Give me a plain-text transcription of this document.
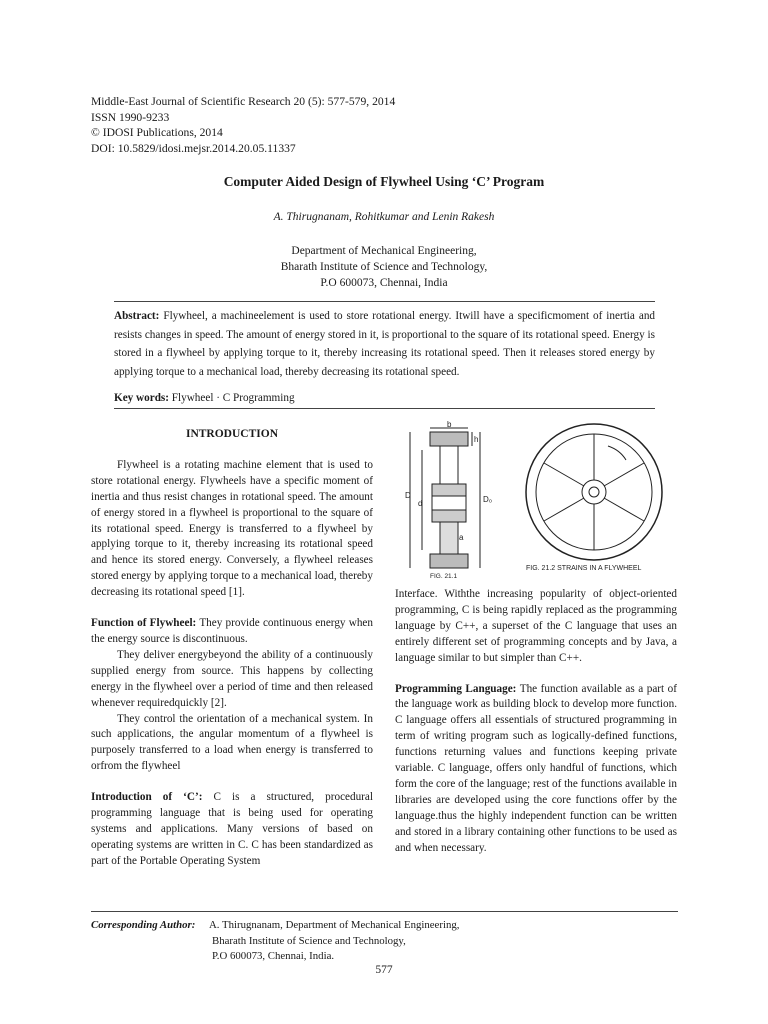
Middle-East Journal of Scientific Research 20 (5): 577-579, 2014
ISSN 1990-9233
© IDOSI Publications, 2014
DOI: 10.5829/idosi.mejsr.2014.20.05.11337
Computer Aided Design of Flywheel Using ‘C’ Program
A. Thirugnanam, Rohitkumar and Lenin Rakesh
Department of Mechanical Engineering,
Bharath Institute of Science and Technology,
P.O 600073, Chennai, India
Abstract: Flywheel, a machineelement is used to store rotational energy. Itwill have a specificmoment of inertia and resists changes in speed. The amount of energy stored in it, is proportional to the square of its rotational speed. Energy is stored in a flywheel by applying torque to it, thereby increasing its rotational speed. Then it releases stored energy by applying torque to a mechanical load, thereby decreasing its rotational speed.
Key words: Flywheel · C Programming
INTRODUCTION

Flywheel is a rotating machine element that is used to store rotational energy. Flywheels have a specific moment of inertia and thus resist changes in rotational speed. The amount of energy stored in a flywheel is proportional to the square of its rotational speed. Energy is transferred to a flywheel by applying torque to it, thereby increasing its rotational speed and hence its stored energy. Conversely, a flywheel releases stored energy by applying torque to a mechanical load, thereby decreasing its rotational speed [1].

Function of Flywheel: They provide continuous energy when the energy source is discontinuous.

They deliver energybeyond the ability of a continuously supplied energy from source. This happens by collecting energy in the flywheel over a period of time and then released whenever requiredquickly [2].

They control the orientation of a mechanical system. In such applications, the angular momentum of a flywheel is purposely transferred to a load when energy is transferred to orfrom the flywheel

Introduction of ‘C’: C is a structured, procedural programming language that is being used for operating systems and applications. Many versions of based on operating systems are written in C. C has been standardized as part of the Portable Operating System

b
h
D
d	D₀
a
FIG. 21.1
FIG. 21.2 STRAINS IN A FLYWHEEL

Interface. Withthe increasing popularity of object-oriented programming, C is being rapidly replaced as the programming language by C++, a superset of the C language that uses an entirely different set of programming concepts and by Java, a language similar to but simpler than C++.

Programming Language: The function available as a part of the language work as building block to develop more function. C language offers all essentials of structured programming in term of writing program such as logically-defined functions, functions returning values and functions keeping private variable. C language, offers only handful of functions, which form the core of the language; rest of the functions available in libraries are developed using the core functions offer by the language.thus the highly independent function can be written and stored in a library containing other functions to be used as and when necessary.

Corresponding Author: A. Thirugnanam, Department of Mechanical Engineering,
Bharath Institute of Science and Technology,
P.O 600073, Chennai, India.
577
